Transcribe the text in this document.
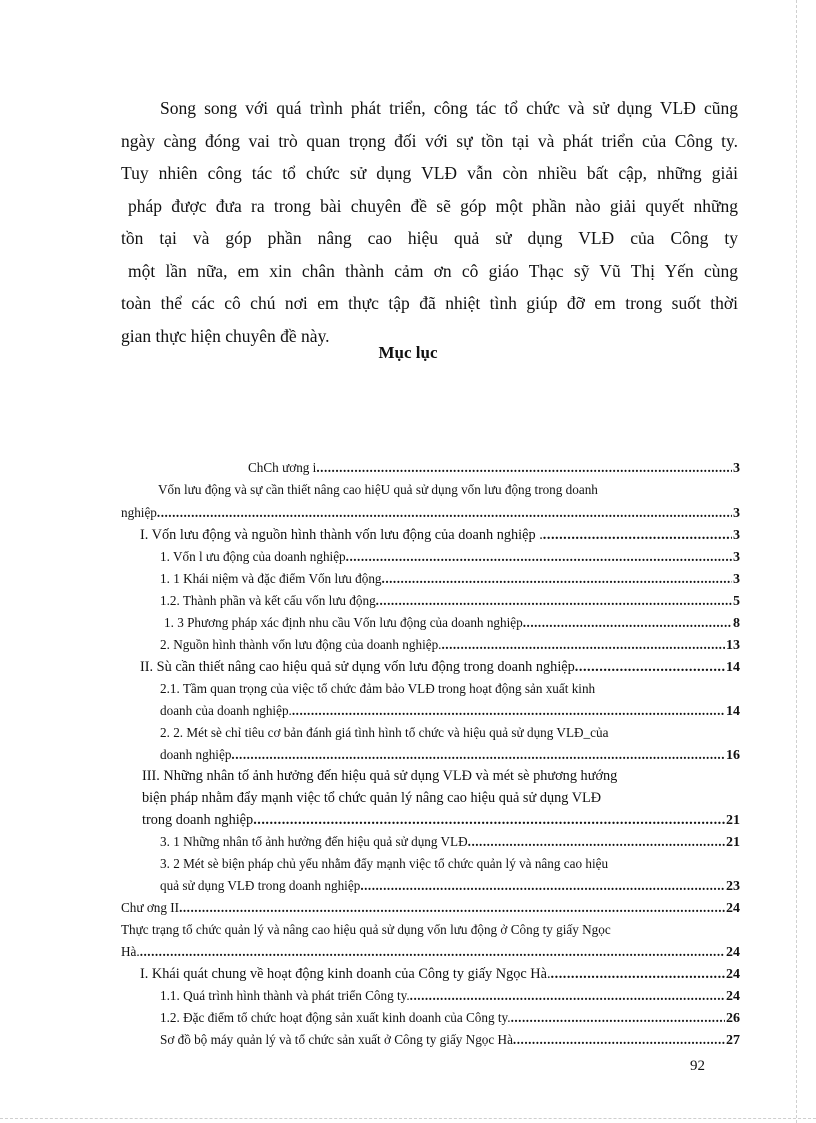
Song song với quá trình phát triển, công tác tổ chức và sử dụng VLĐ cũng
ngày càng đóng vai trò quan trọng đối với sự tồn tại và phát triển của Công ty.
Tuy nhiên công tác tổ chức sử dụng VLĐ vẫn còn nhiều bất cập, những giải
pháp được đưa ra trong bài chuyên đề sẽ góp một phần nào giải quyết những
tồn tại và góp phần nâng cao hiệu quả sử dụng VLĐ của Công ty
một lần nữa, em xin chân thành cảm ơn cô giáo Thạc sỹ Vũ Thị Yến cùng
toàn thể các cô chú nơi em thực tập đã nhiệt tình giúp đỡ em trong suốt thời
gian thực hiện chuyên đề này.
Mục lục
ChCh ương i .....	3
Vốn lưu động và sự cần thiết nâng cao hiệU quả sử dụng vốn lưu động trong doanh
nghiệp .....	3
I. Vốn lưu động và nguồn hình thành vốn lưu động của doanh nghiệp . .....	3
1. Vốn l ưu động của doanh nghiệp .....	3
1. 1 Khái niệm và đặc điểm Vốn lưu động .....	3
1.2. Thành phần và kết cấu vốn lưu động .....	5
1. 3 Phương pháp xác định nhu cầu Vốn lưu động của doanh nghiệp .....	8
2. Nguồn hình thành vốn lưu động của doanh nghiệp. .....	13
II. Sù cần thiết nâng cao hiệu quả sử dụng vốn lưu động trong doanh nghiệp .....	14
2.1. Tầm quan trọng của việc tổ chức đảm bảo VLĐ trong hoạt động sản xuất kinh
doanh của doanh nghiệp. .....	14
2. 2. Mét sè chỉ tiêu cơ bản đánh giá tình hình tổ chức và hiệu quả sử dụng VLĐ_của
doanh nghiệp .....	16
III. Những nhân tố ảnh hưởng đến hiệu quả sử dụng VLĐ và mét sè phương hướng
biện pháp nhằm đẩy mạnh việc tổ chức quản lý nâng cao hiệu quả sử dụng VLĐ
trong doanh nghiệp .....	21
3. 1 Những nhân tố ảnh hưởng đến hiệu quả sử dụng VLĐ .....	21
3. 2 Mét sè biện pháp chủ yếu nhằm đẩy mạnh việc tổ chức quản lý và nâng cao hiệu
quả sử dụng VLĐ trong doanh nghiệp .....	23
Chư ơng II .....	24
Thực trạng tổ chức quản lý và nâng cao hiệu quả sử dụng vốn lưu động ở Công ty giấy Ngọc
Hà. .....	24
I. Khái quát chung về hoạt động kinh doanh của Công ty giấy Ngọc Hà. .....	24
1.1. Quá trình hình thành và phát triển Công ty. .....	24
1.2. Đặc điểm tổ chức hoạt động sản xuất kinh doanh của Công ty. .....	26
Sơ đồ bộ máy quản lý và tổ chức sản xuất ở Công ty giấy Ngọc Hà .....	27
92
